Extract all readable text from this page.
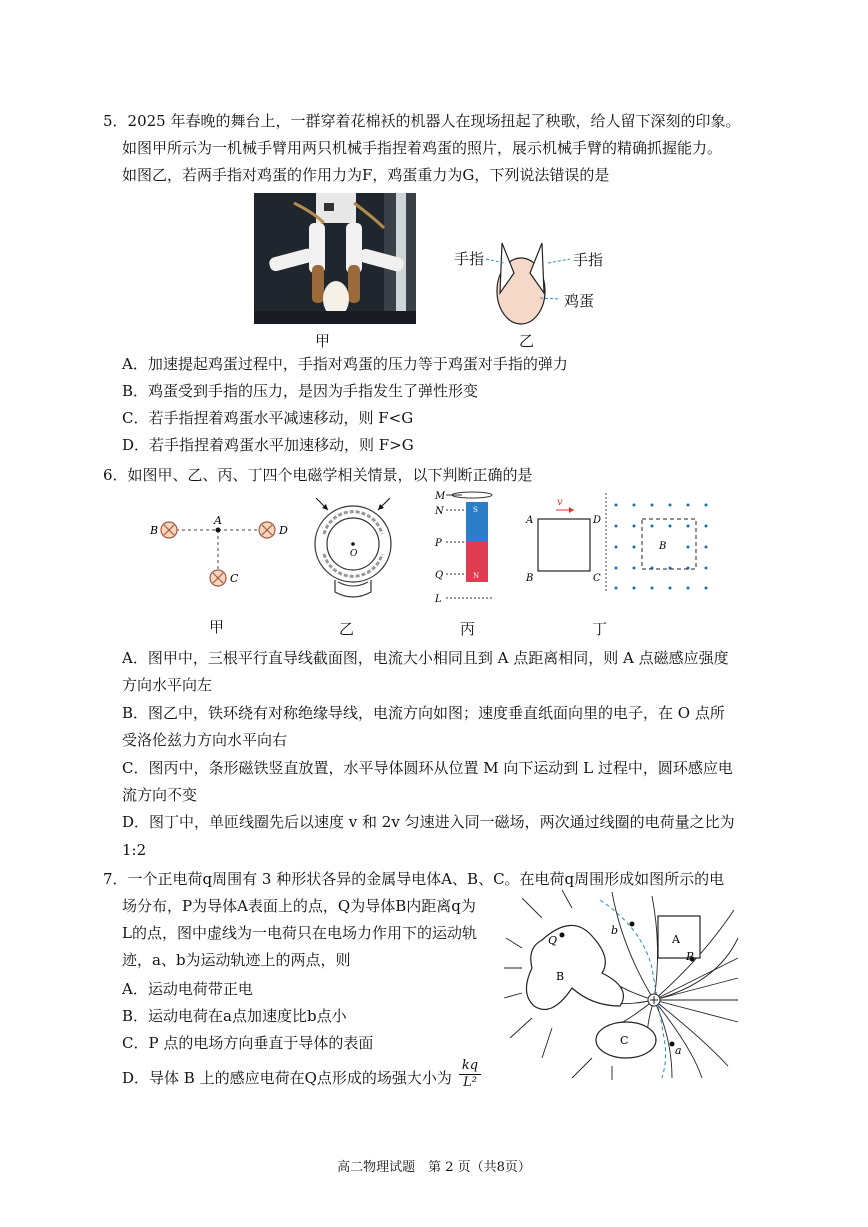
5．2025 年春晚的舞台上，一群穿着花棉袄的机器人在现场扭起了秧歌，给人留下深刻的印象。
如图甲所示为一机械手臂用两只机械手指捏着鸡蛋的照片，展示机械手臂的精确抓握能力。
如图乙，若两手指对鸡蛋的作用力为F，鸡蛋重力为G，下列说法错误的是
甲
手指	手指
鸡蛋
乙
A．加速提起鸡蛋过程中，手指对鸡蛋的压力等于鸡蛋对手指的弹力
B．鸡蛋受到手指的压力，是因为手指发生了弹性形变
C．若手指捏着鸡蛋水平减速移动，则 F<G
D．若手指捏着鸡蛋水平加速移动，则 F>G
6．如图甲、乙、丙、丁四个电磁学相关情景，以下判断正确的是
B
A
D
C
O
S
N
M
N
P
Q
L
v
A	D
B	C
B
甲	乙	丙	丁
A．图甲中，三根平行直导线截面图，电流大小相同且到 A 点距离相同，则 A 点磁感应强度
方向水平向左
B．图乙中，铁环绕有对称绝缘导线，电流方向如图；速度垂直纸面向里的电子，在 O 点所
受洛伦兹力方向水平向右
C．图丙中，条形磁铁竖直放置，水平导体圆环从位置 M 向下运动到 L 过程中，圆环感应电
流方向不变
D．图丁中，单匝线圈先后以速度 v 和 2v 匀速进入同一磁场，两次通过线圈的电荷量之比为
1:2
7．一个正电荷q周围有 3 种形状各异的金属导电体A、B、C。在电荷q周围形成如图所示的电
场分布，P为导体A表面上的点，Q为导体B内距离q为
L的点，图中虚线为一电荷只在电场力作用下的运动轨
迹，a、b为运动轨迹上的两点，则
A．运动电荷带正电
B．运动电荷在a点加速度比b点小
C．P 点的电场方向垂直于导体的表面
D．导体 B 上的感应电荷在Q点形成的场强大小为 $\frac{kq}{\text{L²}}$
Q
B
A
C
P
b
a
高二物理试题　第 2 页（共8页）
